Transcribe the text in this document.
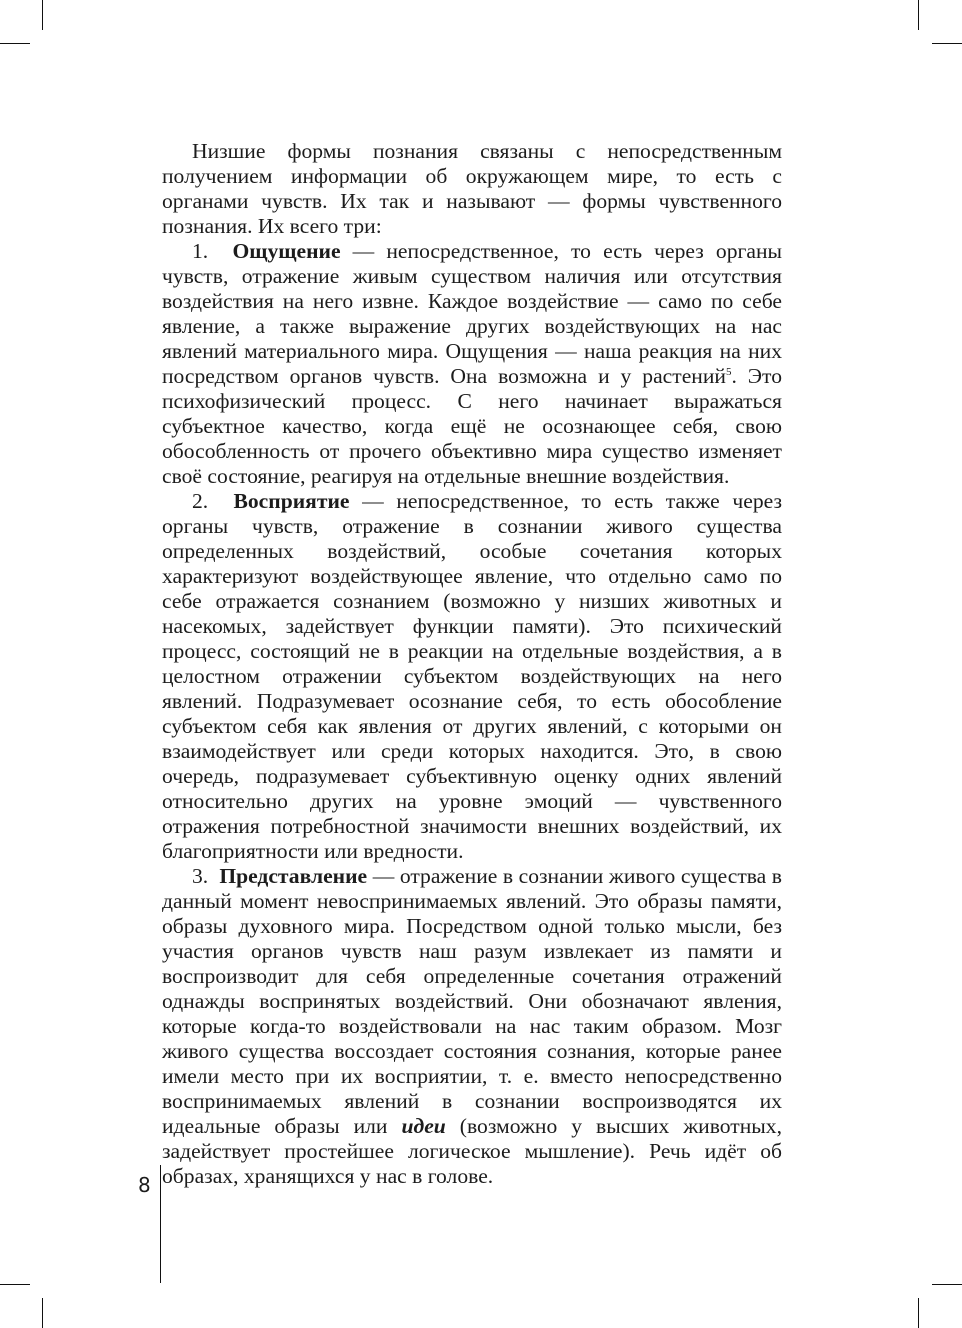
Низшие формы познания связаны с непосредственным получением информации об окружающем мире, то есть с органами чувств. Их так и называют — формы чувственного познания. Их всего три:

1. Ощущение — непосредственное, то есть через органы чувств, отражение живым существом наличия или отсутствия воздействия на него извне. Каждое воздействие — само по себе явление, а также выражение других воздействующих на нас явлений материального мира. Ощущения — наша реакция на них посредством органов чувств. Она возможна и у растений$^5$. Это психофизический процесс. С него начинает выражаться субъектное качество, когда ещё не осознающее себя, свою обособленность от прочего объективно мира существо изменяет своё состояние, реагируя на отдельные внешние воздействия.

2. Восприятие — непосредственное, то есть также через органы чувств, отражение в сознании живого существа определенных воздействий, особые сочетания которых характеризуют воздействующее явление, что отдельно само по себе отражается сознанием (возможно у низших животных и насекомых, задействует функции памяти). Это психический процесс, состоящий не в реакции на отдельные воздействия, а в целостном отражении субъектом воздействующих на него явлений. Подразумевает осознание себя, то есть обособление субъектом себя как явления от других явлений, с которыми он взаимодействует или среди которых находится. Это, в свою очередь, подразумевает субъективную оценку одних явлений относительно других на уровне эмоций — чувственного отражения потребностной значимости внешних воздействий, их благоприятности или вредности.

3. Представление — отражение в сознании живого существа в данный момент невоспринимаемых явлений. Это образы памяти, образы духовного мира. Посредством одной только мысли, без участия органов чувств наш разум извлекает из памяти и воспроизводит для себя определенные сочетания отражений однажды воспринятых воздействий. Они обозначают явления, которые когда-то воздействовали на нас таким образом. Мозг живого существа воссоздает состояния сознания, которые ранее имели место при их восприятии, т. е. вместо непосредственно воспринимаемых явлений в сознании воспроизводятся их идеальные образы или идеи (возможно у высших животных, задействует простейшее логическое мышление). Речь идёт об образах, хранящихся у нас в голове.

8
